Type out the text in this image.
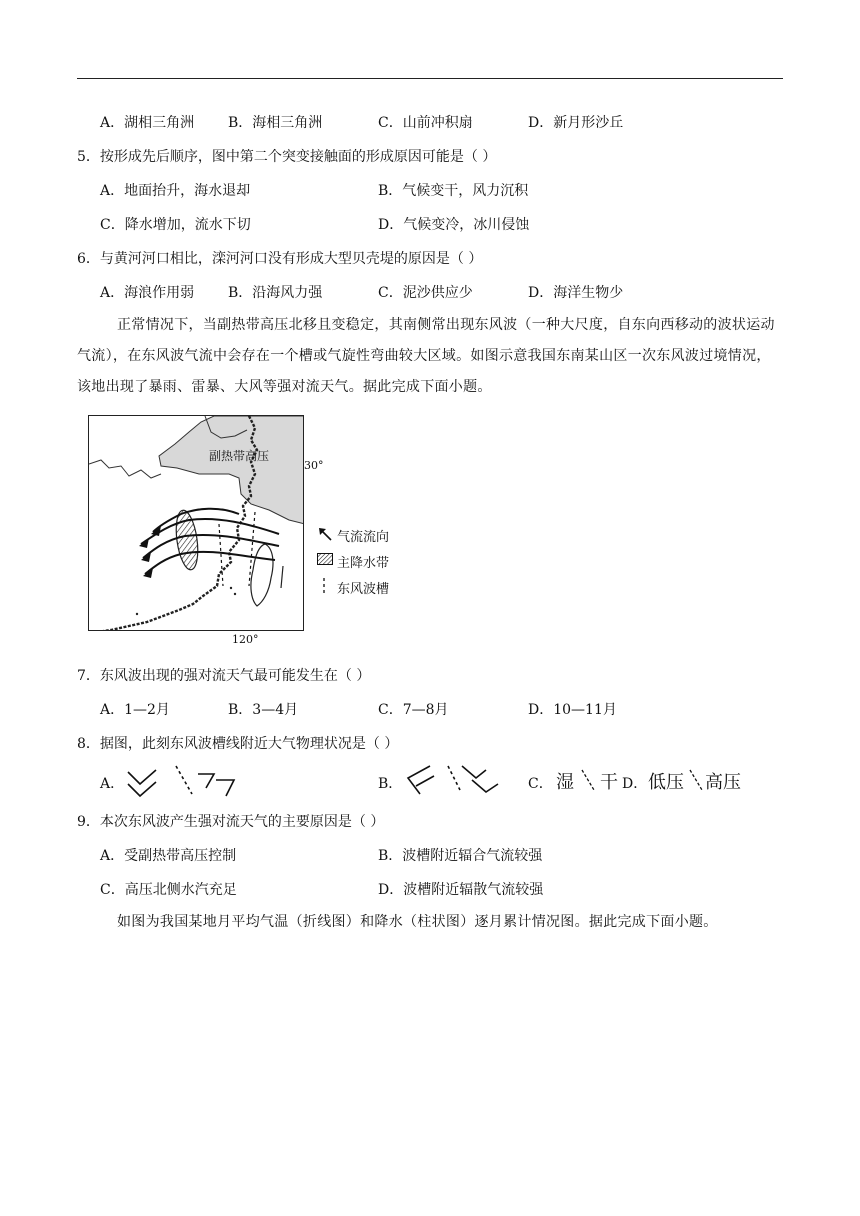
A．湖相三角洲 B．海相三角洲	C．山前冲积扇	D．新月形沙丘
5．按形成先后顺序，图中第二个突变接触面的形成原因可能是（ ）
A．地面抬升，海水退却	B．气候变干，风力沉积
C．降水增加，流水下切	D．气候变冷，冰川侵蚀
6．与黄河河口相比，滦河河口没有形成大型贝壳堤的原因是（ ）
A．海浪作用弱 B．沿海风力强	C．泥沙供应少	D．海洋生物少
正常情况下，当副热带高压北移且变稳定，其南侧常出现东风波（一种大尺度，自东向西移动的波状运动气流），在东风波气流中会存在一个槽或气旋性弯曲较大区域。如图示意我国东南某山区一次东风波过境情况，该地出现了暴雨、雷暴、大风等强对流天气。据此完成下面小题。
副热带高压
30°
120°
气流流向
主降水带
东风波槽
7．东风波出现的强对流天气最可能发生在（ ）
A．1—2月	B．3—4月	C．7—8月	D．10—11月
8．据图，此刻东风波槽线附近大气物理状况是（ ）
A．	B．	C． 湿 干 D． 低压 高压
9．本次东风波产生强对流天气的主要原因是（ ）
A．受副热带高压控制	B．波槽附近辐合气流较强
C．高压北侧水汽充足	D．波槽附近辐散气流较强
如图为我国某地月平均气温（折线图）和降水（柱状图）逐月累计情况图。据此完成下面小题。
